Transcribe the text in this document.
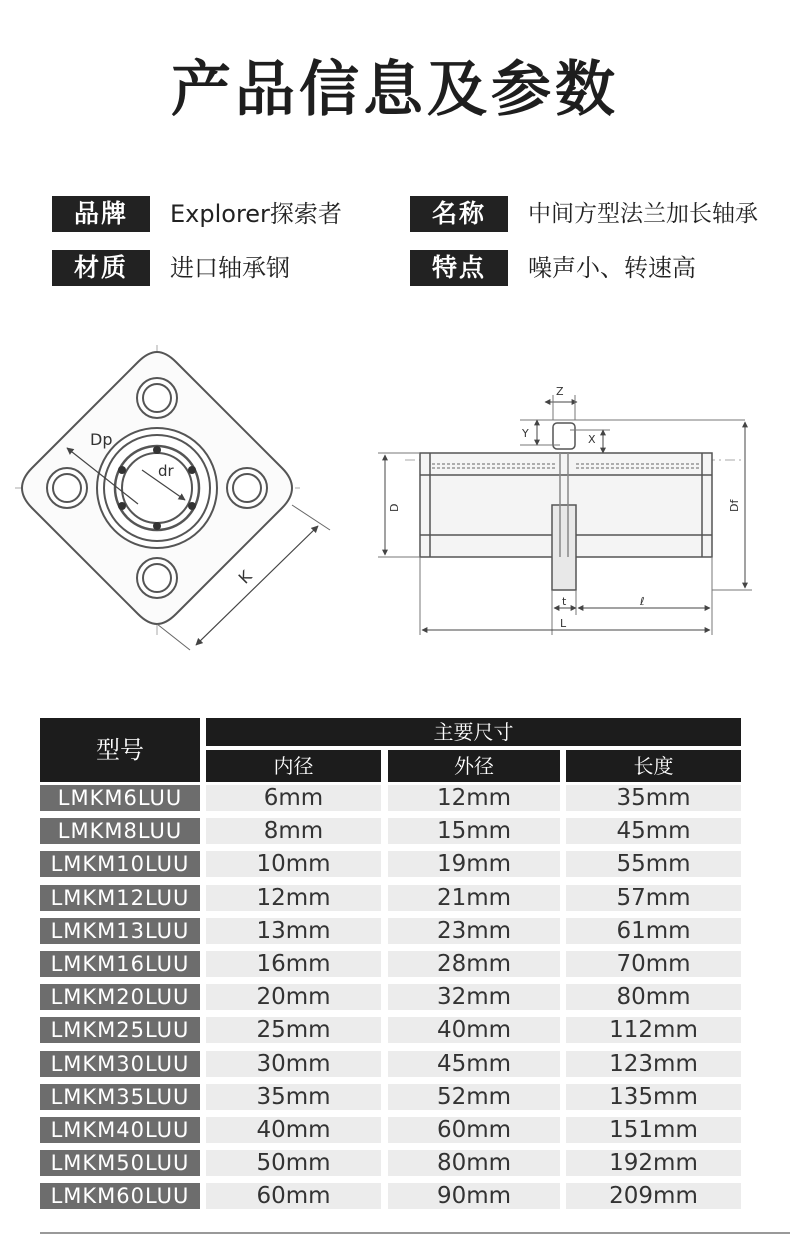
产品信息及参数
品牌	Explorer探索者	名称	中间方型法兰加长轴承
材质	进口轴承钢	特点	噪声小、转速高
Dp
dr
K
Z
Y	X
D	Df
t	ℓ
L
型号
主要尺寸
内径	外径	长度
LMKM6LUU	6mm	12mm	35mm
LMKM8LUU	8mm	15mm	45mm
LMKM10LUU	10mm	19mm	55mm
LMKM12LUU	12mm	21mm	57mm
LMKM13LUU	13mm	23mm	61mm
LMKM16LUU	16mm	28mm	70mm
LMKM20LUU	20mm	32mm	80mm
LMKM25LUU	25mm	40mm	112mm
LMKM30LUU	30mm	45mm	123mm
LMKM35LUU	35mm	52mm	135mm
LMKM40LUU	40mm	60mm	151mm
LMKM50LUU	50mm	80mm	192mm
LMKM60LUU	60mm	90mm	209mm
